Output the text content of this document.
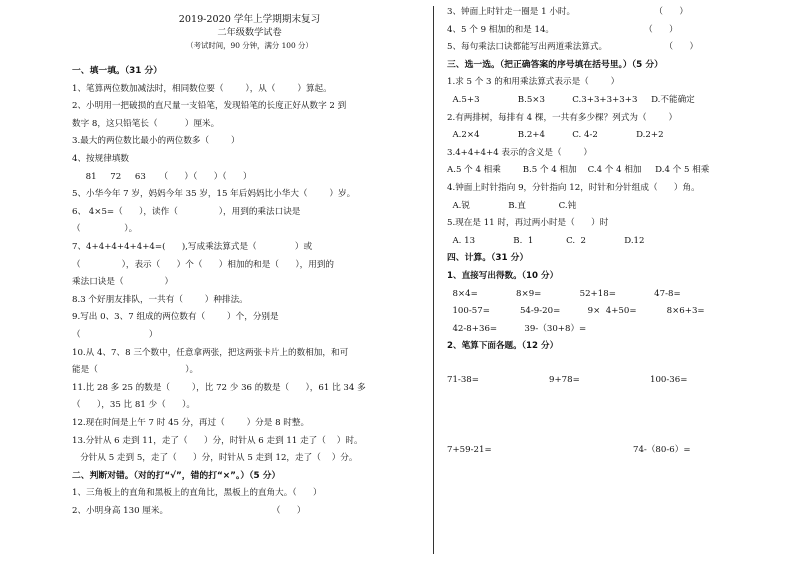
2019-2020 学年上学期期末复习
二年级数学试卷
（考试时间，90 分钟，满分 100 分）
一、填一填。（31 分）
1、笔算两位数加减法时，相同数位要（        ），从（        ）算起。
2、小明用一把破损的直尺量一支铅笔，发现铅笔的长度正好从数字 2 到
数字 8，这只铅笔长（          ）厘米。
3.最大的两位数比最小的两位数多（        ）
4、按规律填数
81     72     63     （      ）（      ）（      ）
5、小华今年 7 岁，妈妈今年 35 岁，15 年后妈妈比小华大（        ）岁。
6、 4×5=（      ），读作（               ），用到的乘法口诀是
（                ）。
7、4+4+4+4+4+4=(      ),写成乘法算式是（              ）或
（               ），表示（      ）个（      ）相加的和是（      ），用到的
乘法口诀是（               ）
8.3 个好朋友排队，一共有（        ）种排法。
9.写出 0、3、7 组成的两位数有（        ）个，分别是
（                         ）
10.从 4、7、8 三个数中，任意拿两张，把这两张卡片上的数相加，和可
能是（                                ）。
11.比 28 多 25 的数是（        ），比 72 少 36 的数是（      ），61 比 34 多
（      ），35 比 81 少（      ）。
12.现在时间是上午 7 时 45 分，再过（        ）分是 8 时整。
13.分针从 6 走到 11，走了（      ）分，时针从 6 走到 11 走了（    ）时。
分针从 5 走到 5，走了（      ）分，时针从 5 走到 12，走了（    ）分。
二、判断对错。（对的打“√”，错的打“×”。）（5 分）
1、三角板上的直角和黑板上的直角比，黑板上的直角大。（      ）
2、小明身高 130 厘米。                                      （      ）
3、钟面上时针走一圈是 1 小时。                             （      ）
4、5 个 9 相加的和是 14。                                 （      ）
5、每句乘法口诀都能写出两道乘法算式。                     （      ）
三、选一选。（把正确答案的序号填在括号里。）（5 分）
1.求 5 个 3 的和用乘法算式表示是（        ）
A.5+3              B.5×3          C.3+3+3+3+3     D.不能确定
2.有两排树，每排有 4 棵，一共有多少棵？列式为（        ）
A.2×4              B.2+4          C. 4-2              D.2+2
3.4+4+4+4 表示的含义是（        ）
A.5 个 4 相乘        B.5 个 4 相加    C.4 个 4 相加     D.4 个 5 相乘
4.钟面上时针指向 9，分针指向 12，时针和分针组成（      ）角。
A.锐              B.直            C.钝
5.现在是 11 时，再过两小时是（      ）时
A. 13              B.  1            C.  2              D.12
四、计算。（31 分）
1、直接写出得数。（10 分）
8×4=              8×9=              52+18=              47-8=
100-57=           54-9-20=          9×  4+50=           8×6+3=
42-8+36=          39-（30+8）=
2、笔算下面各题。（12 分）
71-38=	9+78=	100-36=
7+59-21=	74-（80-6）=
